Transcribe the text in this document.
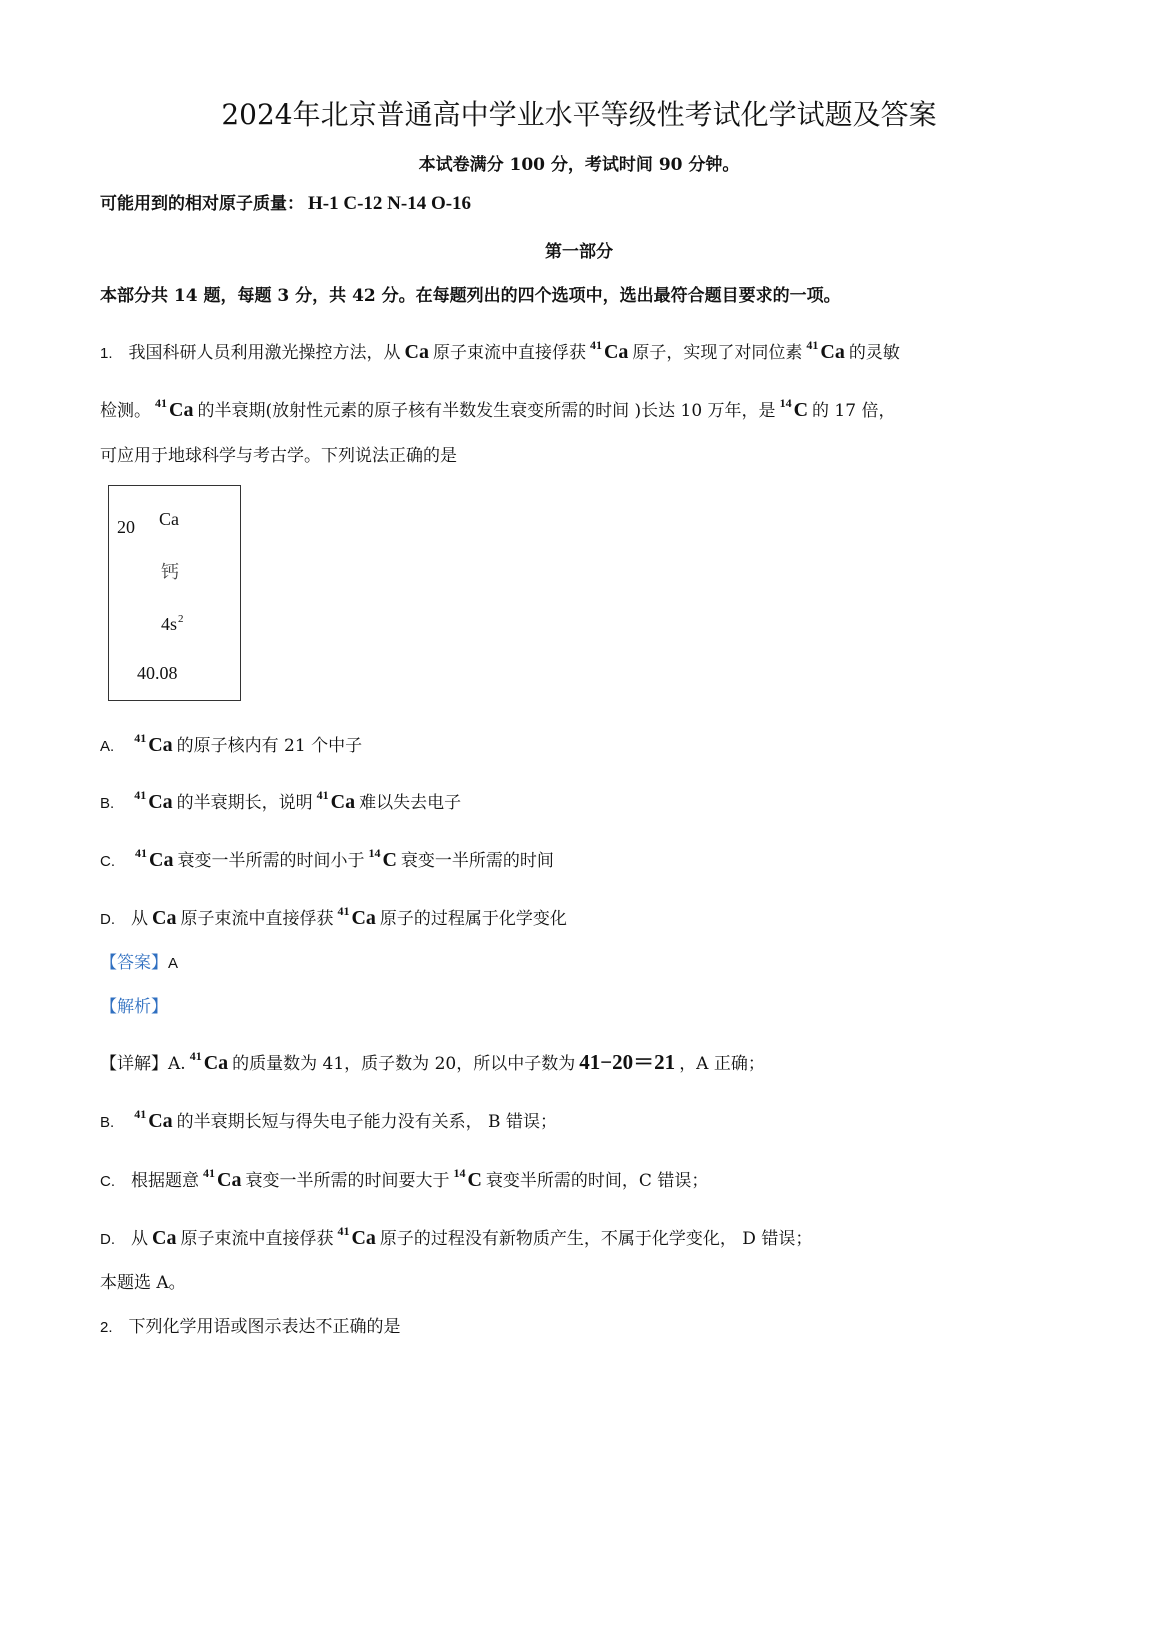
2024年北京普通高中学业水平等级性考试化学试题及答案
本试卷满分 100 分，考试时间 90 分钟。
可能用到的相对原子质量： H-1 C-12 N-14 O-16
第一部分
本部分共 14 题，每题 3 分，共 42 分。在每题列出的四个选项中，选出最符合题目要求的一项。
1. 我国科研人员利用激光操控方法，从 Ca 原子束流中直接俘获 $^{41}$ Ca 原子，实现了对同位素 $^{41}$ Ca 的灵敏
检测。 $^{41}$ Ca 的半衰期(放射性元素的原子核有半数发生衰变所需的时间 )长达 10 万年，是 $^{14}$ C 的 17 倍，
可应用于地球科学与考古学。下列说法正确的是
20 Ca
钙
$4s^2$
40.08
A. $^{41}$ Ca 的原子核内有 21 个中子
B. $^{41}$ Ca 的半衰期长，说明 $^{41}$ Ca 难以失去电子
C. $^{41}$ Ca 衰变一半所需的时间小于 $^{14}$ C 衰变一半所需的时间
D. 从 Ca 原子束流中直接俘获 $^{41}$ Ca 原子的过程属于化学变化
【答案】A
【解析】
【详解】A. $^{41}$ Ca 的质量数为 41，质子数为 20，所以中子数为 41−20＝21 ，A 正确；
B. $^{41}$ Ca 的半衰期长短与得失电子能力没有关系， B 错误；
C. 根据题意 $^{41}$ Ca 衰变一半所需的时间要大于 $^{14}$ C 衰变半所需的时间，C 错误；
D. 从 Ca 原子束流中直接俘获 $^{41}$ Ca 原子的过程没有新物质产生，不属于化学变化， D 错误；
本题选 A。
2. 下列化学用语或图示表达不正确的是
